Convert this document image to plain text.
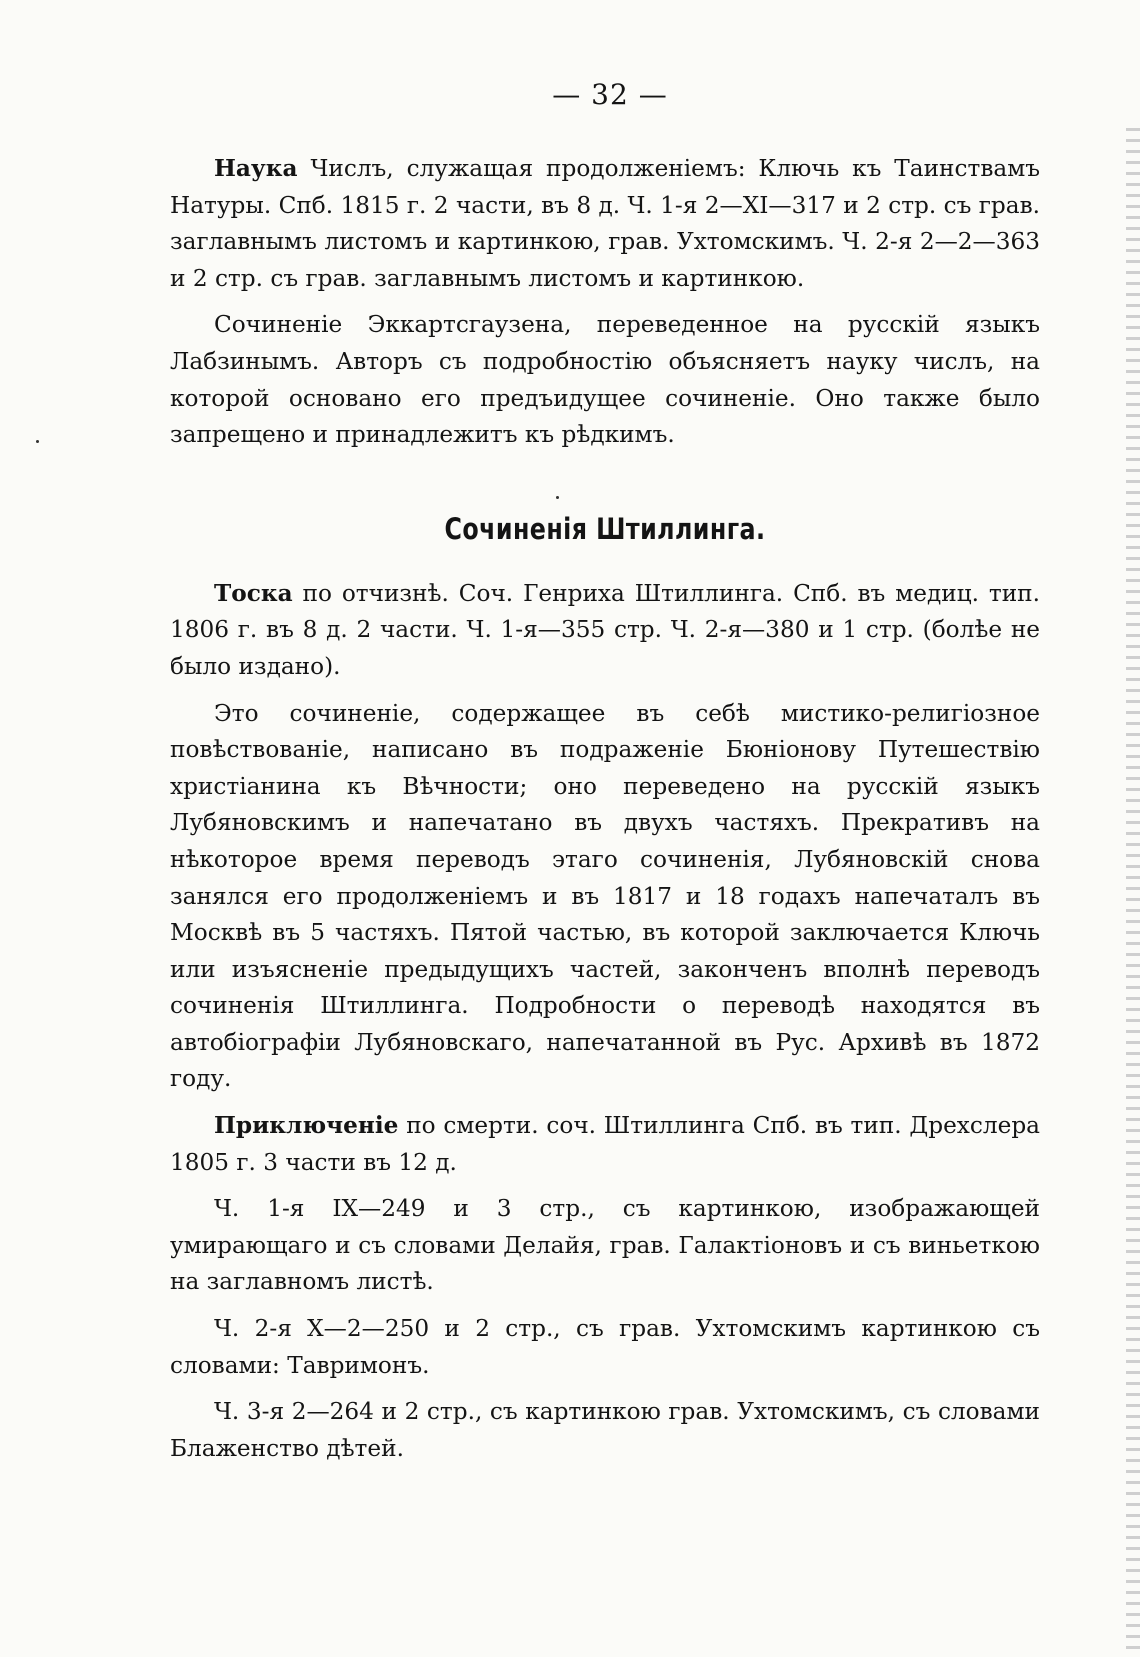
— 32 —

Наука Числъ, служащая продолженіемъ: Ключь къ Таинствамъ Натуры. Спб. 1815 г. 2 части, въ 8 д. Ч. 1-я 2—XI—317 и 2 стр. съ грав. заглавнымъ листомъ и картинкою, грав. Ухтомскимъ. Ч. 2-я 2—2—363 и 2 стр. съ грав. заглавнымъ листомъ и картинкою.

Сочиненіе Эккартсгаузена, переведенное на русскій языкъ Лабзинымъ. Авторъ съ подробностію объясняетъ науку числъ, на которой основано его предъидущее сочиненіе. Оно также было запрещено и принадлежитъ къ рѣдкимъ.

Сочиненія Штиллинга.

Тоска по отчизнѣ. Соч. Генриха Штиллинга. Спб. въ медиц. тип. 1806 г. въ 8 д. 2 части. Ч. 1-я—355 стр. Ч. 2-я—380 и 1 стр. (болѣе не было издано).

Это сочиненіе, содержащее въ себѣ мистико-религіозное повѣствованіе, написано въ подраженіе Бюніонову Путешествію христіанина къ Вѣчности; оно переведено на русскій языкъ Лубяновскимъ и напечатано въ двухъ частяхъ. Прекративъ на нѣкоторое время переводъ этаго сочиненія, Лубяновскій снова занялся его продолженіемъ и въ 1817 и 18 годахъ напечаталъ въ Москвѣ въ 5 частяхъ. Пятой частью, въ которой заключается Ключь или изъясненіе предыдущихъ частей, законченъ вполнѣ переводъ сочиненія Штиллинга. Подробности о переводѣ находятся въ автобіографіи Лубяновскаго, напечатанной въ Рус. Архивѣ въ 1872 году.

Приключеніе по смерти. соч. Штиллинга Спб. въ тип. Дрехслера 1805 г. 3 части въ 12 д.

Ч. 1-я IX—249 и 3 стр., съ картинкою, изображающей умирающаго и съ словами Делайя, грав. Галактіоновъ и съ виньеткою на заглавномъ листѣ.

Ч. 2-я X—2—250 и 2 стр., съ грав. Ухтомскимъ картинкою съ словами: Тавримонъ.

Ч. 3-я 2—264 и 2 стр., съ картинкою грав. Ухтомскимъ, съ словами Блаженство дѣтей.
